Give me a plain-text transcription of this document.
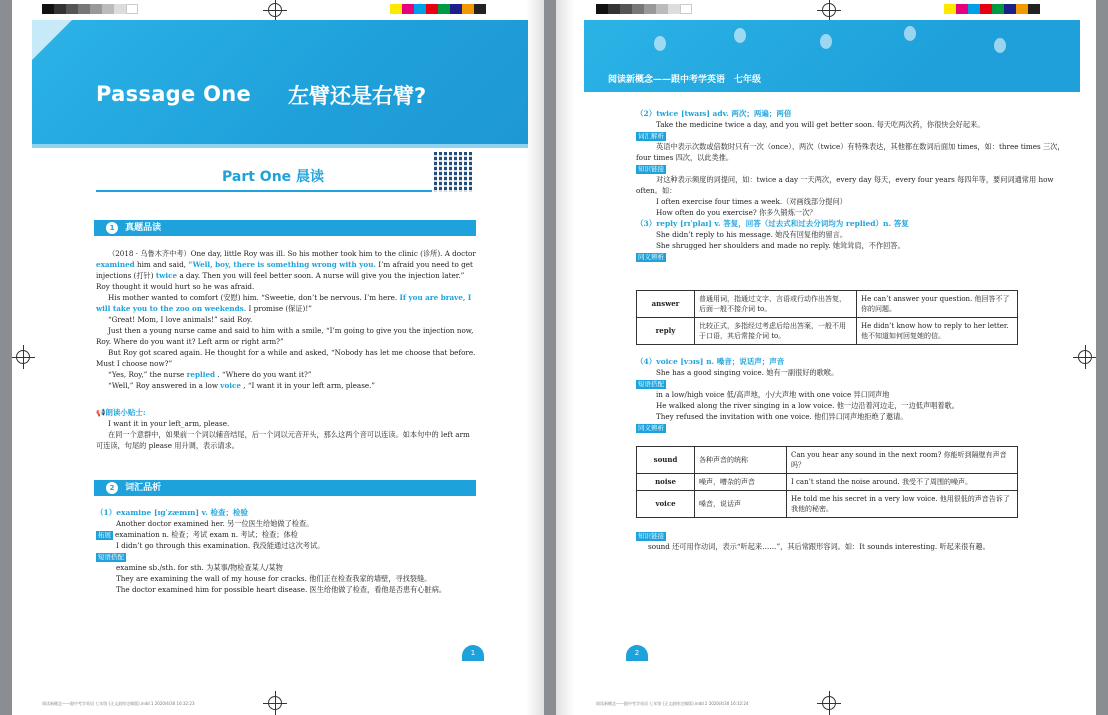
Passage One 左臂还是右臂?
Part One 晨读
1 真题品读

（2018 · 乌鲁木齐中考）One day, little Roy was ill. So his mother took him to the clinic (诊所). A doctor examined him and said, “Well, boy, there is something wrong with you. I’m afraid you need to get injections (打针) twice a day. Then you will feel better soon. A nurse will give you the injection later.” Roy thought it would hurt so he was afraid.

His mother wanted to comfort (安慰) him. “Sweetie, don’t be nervous. I’m here. If you are brave, I will take you to the zoo on weekends. I promise (保证)!”

“Great! Mom, I love animals!” said Roy.

Just then a young nurse came and said to him with a smile, “I’m going to give you the injection now, Roy. Where do you want it? Left arm or right arm?”

But Roy got scared again. He thought for a while and asked, “Nobody has let me choose that before. Must I choose now?”

“Yes, Roy,” the nurse replied . “Where do you want it?”

“Well,” Roy answered in a low voice , “I want it in your left arm, please.”

📢朗读小贴士:

I want it in your left_arm, please.

在同一个意群中，如果前一个词以辅音结尾，后一个词以元音开头，那么这两个音可以连读。如本句中的 left arm 可连读，句尾的 please 用升调，表示请求。

2 词汇品析

（1）examine [ɪɡˈzæmɪn] v. 检查；检验

Another doctor examined her. 另一位医生给她做了检查。

拓展 examination n. 检查；考试 exam n. 考试；检查；体检

I didn’t go through this examination. 我没能通过这次考试。

短语搭配

examine sb./sth. for sth. 为某事/物检查某人/某物

They are examining the wall of my house for cracks. 他们正在检查我家的墙壁，寻找裂缝。

The doctor examined him for possible heart disease. 医生给他做了检查，看他是否患有心脏病。

1
阅读新概念——跟中考学英语 七年级 (正文最终定稿版).indd 1 2020/4/30 16:32:23
阅读新概念——跟中考学英语　七年级

（2）twice [twaɪs] adv. 两次；两遍；两倍

Take the medicine twice a day, and you will get better soon. 每天吃两次药，你很快会好起来。

词汇解析

英语中表示次数或倍数时只有一次（once）、两次（twice）有特殊表达，其他都在数词后面加 times，如：three times 三次，four times 四次，以此类推。

知识链接

对这种表示频度的词提问，如：twice a day 一天两次，every day 每天，every four years 每四年等，要问词通常用 how often。如：

I often exercise four times a week.（对画线部分提问）

How often do you exercise? 你多久锻炼一次？

（3）reply [rɪˈplaɪ] v. 答复，回答（过去式和过去分词均为 replied）n. 答复

She didn’t reply to his message. 她没有回复他的留言。

She shrugged her shoulders and made no reply. 她耸耸肩，不作回答。

同义辨析

answer	普通用词，指通过文字、言语或行动作出答复，后面一般不接介词 to。	He can’t answer your question. 他回答不了你的问题。
reply	比较正式，多指经过考虑后给出答案，一般不用于口语，其后常接介词 to。	He didn’t know how to reply to her letter. 他不知道如何回复她的信。

（4）voice [vɔɪs] n. 嗓音；说话声；声音

She has a good singing voice. 她有一副很好的歌喉。

短语搭配

in a low/high voice 低/高声地，小/大声地 with one voice 异口同声地

He walked along the river singing in a low voice. 他一边沿着河边走，一边低声唱着歌。

They refused the invitation with one voice. 他们异口同声地拒绝了邀请。

同义辨析

sound	各种声音的统称	Can you hear any sound in the next room? 你能听到隔壁有声音吗？
noise	噪声，嘈杂的声音	I can’t stand the noise around. 我受不了周围的噪声。
voice	嗓音，说话声	He told me his secret in a very low voice. 他用很低的声音告诉了我他的秘密。

知识链接

sound 还可用作动词，表示“听起来……”，其后常跟形容词。如：It sounds interesting. 听起来很有趣。

2
阅读新概念——跟中考学英语 七年级 (正文最终定稿版).indd 2 2020/4/30 16:32:24
